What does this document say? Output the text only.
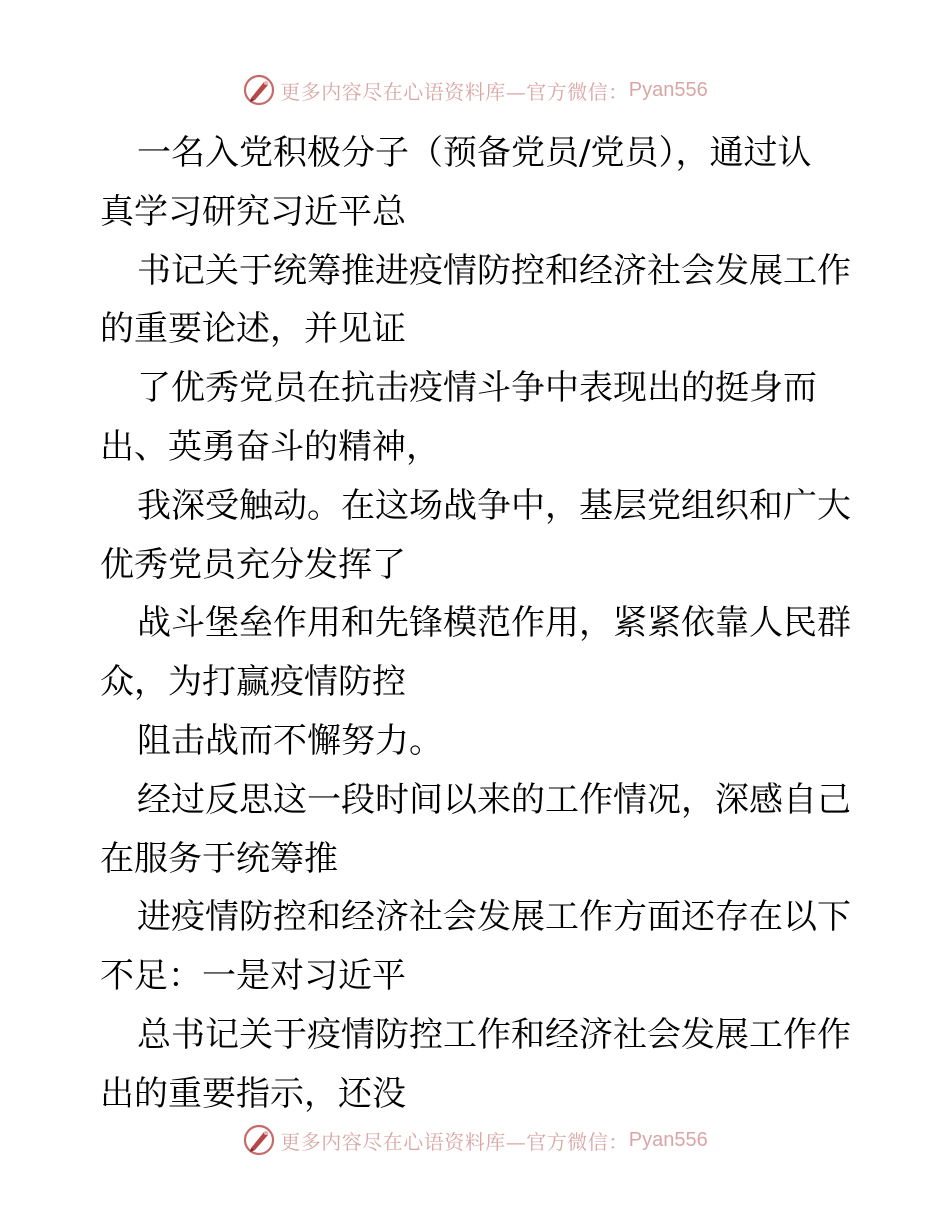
更多内容尽在心语资料库—官方微信： Pyan556
一名入党积极分子（预备党员/党员），通过认
真学习研究习近平总
书记关于统筹推进疫情防控和经济社会发展工作
的重要论述，并见证
了优秀党员在抗击疫情斗争中表现出的挺身而
出、英勇奋斗的精神，
我深受触动。在这场战争中，基层党组织和广大
优秀党员充分发挥了
战斗堡垒作用和先锋模范作用，紧紧依靠人民群
众，为打赢疫情防控
阻击战而不懈努力。
经过反思这一段时间以来的工作情况，深感自己
在服务于统筹推
进疫情防控和经济社会发展工作方面还存在以下
不足：一是对习近平
总书记关于疫情防控工作和经济社会发展工作作
出的重要指示，还没
更多内容尽在心语资料库—官方微信： Pyan556
